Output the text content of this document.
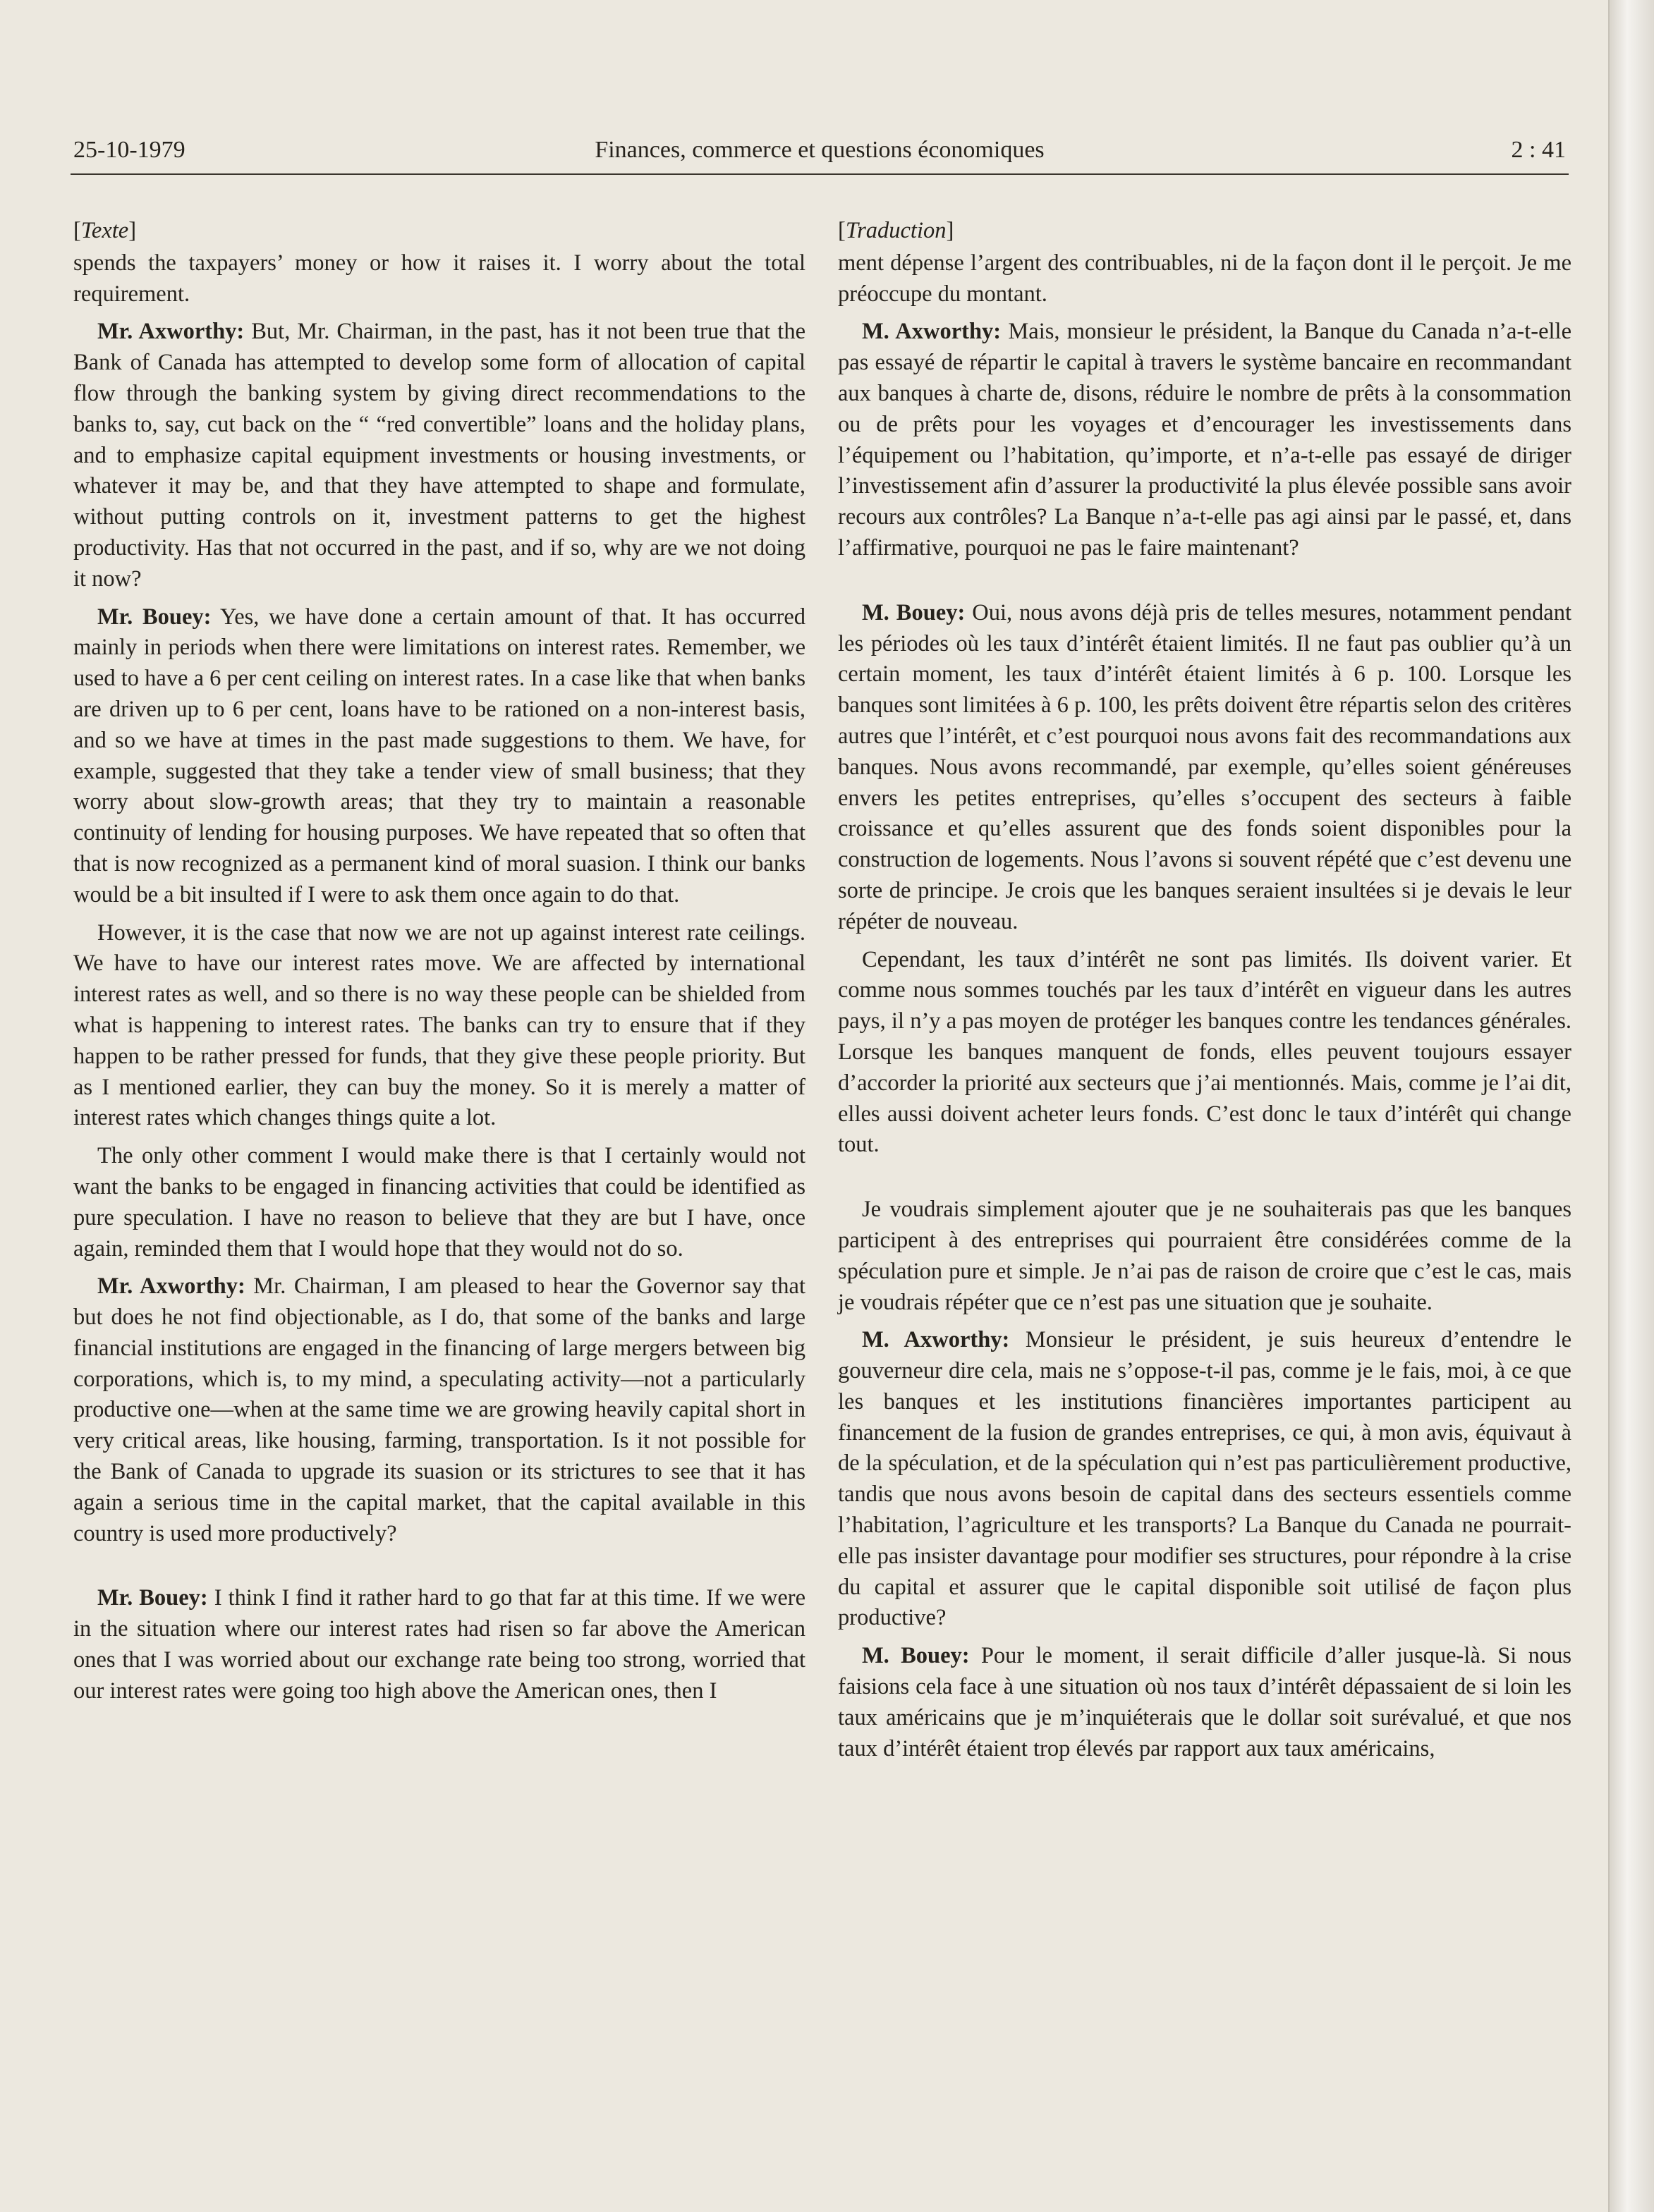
25-10-1979	Finances, commerce et questions économiques	2 : 41
[Texte]

spends the taxpayers’ money or how it raises it. I worry about the total requirement.

Mr. Axworthy: But, Mr. Chairman, in the past, has it not been true that the Bank of Canada has attempted to develop some form of allocation of capital flow through the banking system by giving direct recommendations to the banks to, say, cut back on the “ “red convertible” loans and the holiday plans, and to emphasize capital equipment investments or housing investments, or whatever it may be, and that they have attempted to shape and formulate, without putting controls on it, investment patterns to get the highest productivity. Has that not occurred in the past, and if so, why are we not doing it now?

Mr. Bouey: Yes, we have done a certain amount of that. It has occurred mainly in periods when there were limitations on interest rates. Remember, we used to have a 6 per cent ceiling on interest rates. In a case like that when banks are driven up to 6 per cent, loans have to be rationed on a non-interest basis, and so we have at times in the past made suggestions to them. We have, for example, suggested that they take a tender view of small business; that they worry about slow-growth areas; that they try to maintain a reasonable continuity of lending for housing purposes. We have repeated that so often that that is now recognized as a permanent kind of moral suasion. I think our banks would be a bit insulted if I were to ask them once again to do that.

However, it is the case that now we are not up against interest rate ceilings. We have to have our interest rates move. We are affected by international interest rates as well, and so there is no way these people can be shielded from what is happening to interest rates. The banks can try to ensure that if they happen to be rather pressed for funds, that they give these people priority. But as I mentioned earlier, they can buy the money. So it is merely a matter of interest rates which changes things quite a lot.

The only other comment I would make there is that I certainly would not want the banks to be engaged in financing activities that could be identified as pure speculation. I have no reason to believe that they are but I have, once again, reminded them that I would hope that they would not do so.

Mr. Axworthy: Mr. Chairman, I am pleased to hear the Governor say that but does he not find objectionable, as I do, that some of the banks and large financial institutions are engaged in the financing of large mergers between big corporations, which is, to my mind, a speculating activity—not a particularly productive one—when at the same time we are growing heavily capital short in very critical areas, like housing, farming, transportation. Is it not possible for the Bank of Canada to upgrade its suasion or its strictures to see that it has again a serious time in the capital market, that the capital available in this country is used more productively?

Mr. Bouey: I think I find it rather hard to go that far at this time. If we were in the situation where our interest rates had risen so far above the American ones that I was worried about our exchange rate being too strong, worried that our interest rates were going too high above the American ones, then I

[Traduction]

ment dépense l’argent des contribuables, ni de la façon dont il le perçoit. Je me préoccupe du montant.

M. Axworthy: Mais, monsieur le président, la Banque du Canada n’a-t-elle pas essayé de répartir le capital à travers le système bancaire en recommandant aux banques à charte de, disons, réduire le nombre de prêts à la consommation ou de prêts pour les voyages et d’encourager les investissements dans l’équipement ou l’habitation, qu’importe, et n’a-t-elle pas essayé de diriger l’investissement afin d’assurer la productivité la plus élevée possible sans avoir recours aux contrôles? La Banque n’a-t-elle pas agi ainsi par le passé, et, dans l’affirmative, pourquoi ne pas le faire maintenant?

M. Bouey: Oui, nous avons déjà pris de telles mesures, notamment pendant les périodes où les taux d’intérêt étaient limités. Il ne faut pas oublier qu’à un certain moment, les taux d’intérêt étaient limités à 6 p. 100. Lorsque les banques sont limitées à 6 p. 100, les prêts doivent être répartis selon des critères autres que l’intérêt, et c’est pourquoi nous avons fait des recommandations aux banques. Nous avons recommandé, par exemple, qu’elles soient généreuses envers les petites entreprises, qu’elles s’occupent des secteurs à faible croissance et qu’elles assurent que des fonds soient disponibles pour la construction de logements. Nous l’avons si souvent répété que c’est devenu une sorte de principe. Je crois que les banques seraient insultées si je devais le leur répéter de nouveau.

Cependant, les taux d’intérêt ne sont pas limités. Ils doivent varier. Et comme nous sommes touchés par les taux d’intérêt en vigueur dans les autres pays, il n’y a pas moyen de protéger les banques contre les tendances générales. Lorsque les banques manquent de fonds, elles peuvent toujours essayer d’accorder la priorité aux secteurs que j’ai mentionnés. Mais, comme je l’ai dit, elles aussi doivent acheter leurs fonds. C’est donc le taux d’intérêt qui change tout.

Je voudrais simplement ajouter que je ne souhaiterais pas que les banques participent à des entreprises qui pourraient être considérées comme de la spéculation pure et simple. Je n’ai pas de raison de croire que c’est le cas, mais je voudrais répéter que ce n’est pas une situation que je souhaite.

M. Axworthy: Monsieur le président, je suis heureux d’entendre le gouverneur dire cela, mais ne s’oppose-t-il pas, comme je le fais, moi, à ce que les banques et les institutions financières importantes participent au financement de la fusion de grandes entreprises, ce qui, à mon avis, équivaut à de la spéculation, et de la spéculation qui n’est pas particulièrement productive, tandis que nous avons besoin de capital dans des secteurs essentiels comme l’habitation, l’agriculture et les transports? La Banque du Canada ne pourrait-elle pas insister davantage pour modifier ses structures, pour répondre à la crise du capital et assurer que le capital disponible soit utilisé de façon plus productive?

M. Bouey: Pour le moment, il serait difficile d’aller jusque-là. Si nous faisions cela face à une situation où nos taux d’intérêt dépassaient de si loin les taux américains que je m’inquiéterais que le dollar soit surévalué, et que nos taux d’intérêt étaient trop élevés par rapport aux taux américains,
